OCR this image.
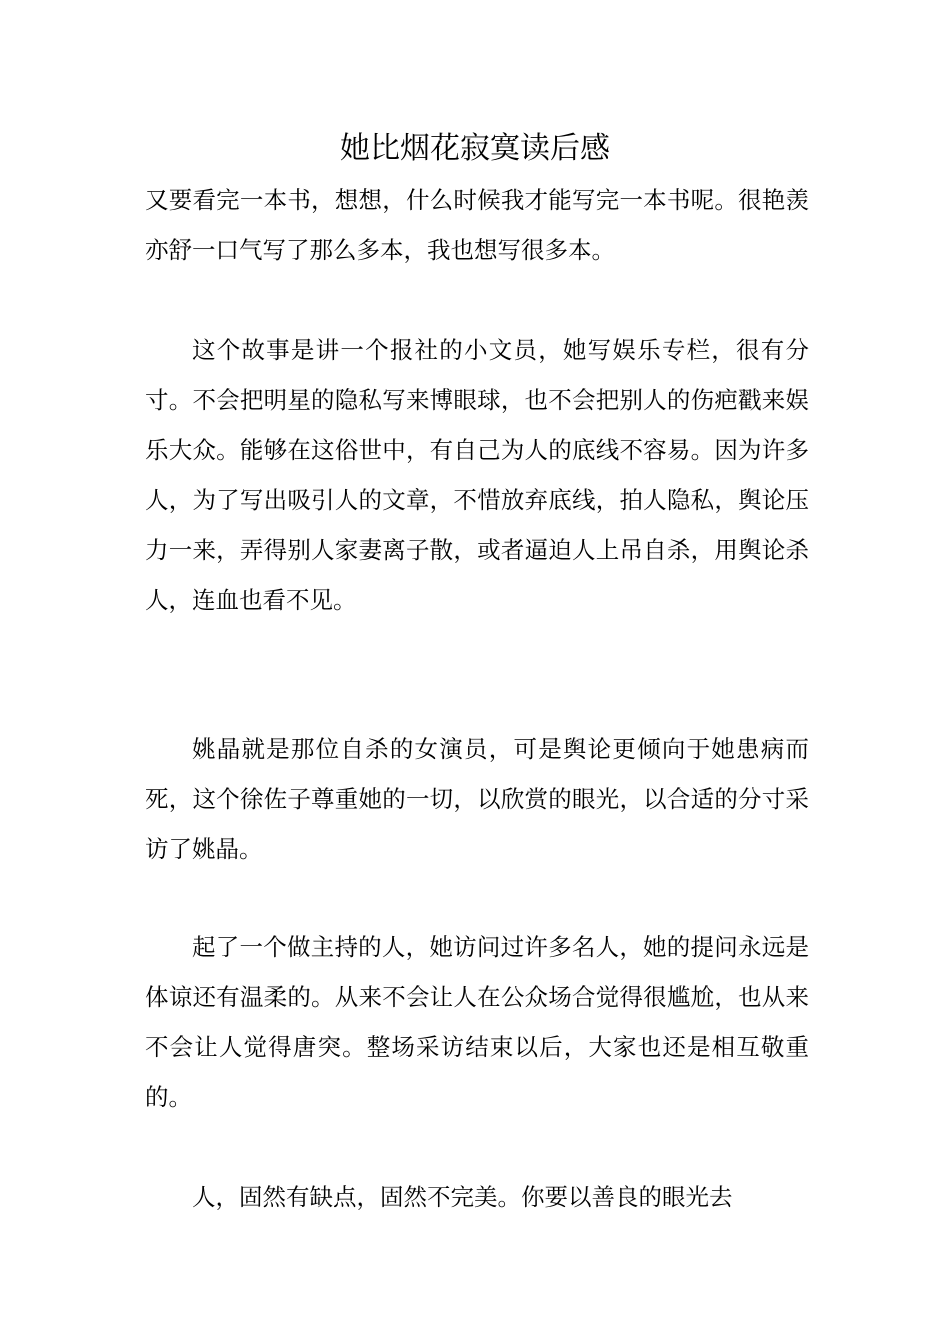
她比烟花寂寞读后感

又要看完一本书，想想，什么时候我才能写完一本书呢。很艳羡亦舒一口气写了那么多本，我也想写很多本。

这个故事是讲一个报社的小文员，她写娱乐专栏，很有分寸。不会把明星的隐私写来博眼球，也不会把别人的伤疤戳来娱乐大众。能够在这俗世中，有自己为人的底线不容易。因为许多人，为了写出吸引人的文章，不惜放弃底线，拍人隐私，舆论压力一来，弄得别人家妻离子散，或者逼迫人上吊自杀，用舆论杀人，连血也看不见。

姚晶就是那位自杀的女演员，可是舆论更倾向于她患病而死，这个徐佐子尊重她的一切，以欣赏的眼光，以合适的分寸采访了姚晶。

起了一个做主持的人，她访问过许多名人，她的提问永远是体谅还有温柔的。从来不会让人在公众场合觉得很尴尬，也从来不会让人觉得唐突。整场采访结束以后，大家也还是相互敬重的。

人，固然有缺点，固然不完美。你要以善良的眼光去
